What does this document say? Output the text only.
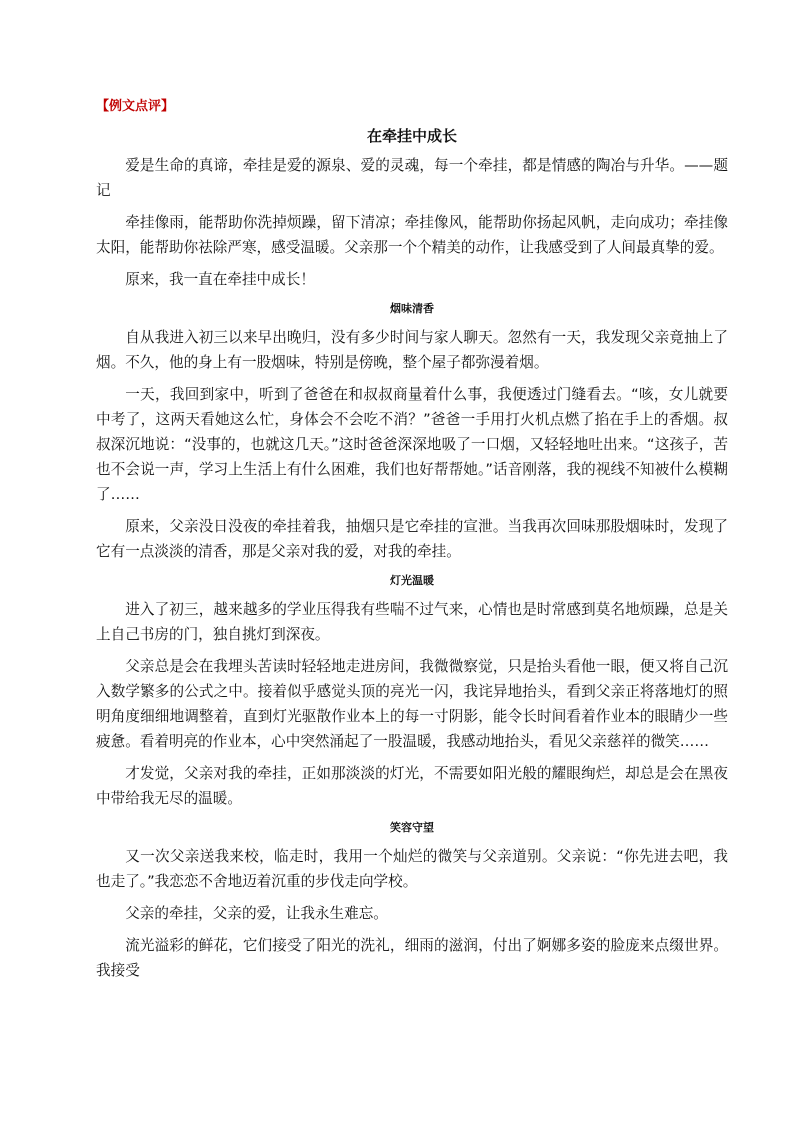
【例文点评】
在牵挂中成长

爱是生命的真谛，牵挂是爱的源泉、爱的灵魂，每一个牵挂，都是情感的陶冶与升华。——题记

牵挂像雨，能帮助你洗掉烦躁，留下清凉；牵挂像风，能帮助你扬起风帆，走向成功；牵挂像太阳，能帮助你祛除严寒，感受温暖。父亲那一个个精美的动作，让我感受到了人间最真挚的爱。

原来，我一直在牵挂中成长！

烟味清香

自从我进入初三以来早出晚归，没有多少时间与家人聊天。忽然有一天，我发现父亲竟抽上了烟。不久，他的身上有一股烟味，特别是傍晚，整个屋子都弥漫着烟。

一天，我回到家中，听到了爸爸在和叔叔商量着什么事，我便透过门缝看去。“咳，女儿就要中考了，这两天看她这么忙，身体会不会吃不消？”爸爸一手用打火机点燃了掐在手上的香烟。叔叔深沉地说：“没事的，也就这几天。”这时爸爸深深地吸了一口烟，又轻轻地吐出来。“这孩子，苦也不会说一声，学习上生活上有什么困难，我们也好帮帮她。”话音刚落，我的视线不知被什么模糊了……

原来，父亲没日没夜的牵挂着我，抽烟只是它牵挂的宣泄。当我再次回味那股烟味时，发现了它有一点淡淡的清香，那是父亲对我的爱，对我的牵挂。

灯光温暖

进入了初三，越来越多的学业压得我有些喘不过气来，心情也是时常感到莫名地烦躁，总是关上自己书房的门，独自挑灯到深夜。

父亲总是会在我埋头苦读时轻轻地走进房间，我微微察觉，只是抬头看他一眼，便又将自己沉入数学繁多的公式之中。接着似乎感觉头顶的亮光一闪，我诧异地抬头，看到父亲正将落地灯的照明角度细细地调整着，直到灯光驱散作业本上的每一寸阴影，能令长时间看着作业本的眼睛少一些疲惫。看着明亮的作业本，心中突然涌起了一股温暖，我感动地抬头，看见父亲慈祥的微笑……

才发觉，父亲对我的牵挂，正如那淡淡的灯光，不需要如阳光般的耀眼绚烂，却总是会在黑夜中带给我无尽的温暖。

笑容守望

又一次父亲送我来校，临走时，我用一个灿烂的微笑与父亲道别。父亲说：“你先进去吧，我也走了。”我恋恋不舍地迈着沉重的步伐走向学校。

父亲的牵挂，父亲的爱，让我永生难忘。

流光溢彩的鲜花，它们接受了阳光的洗礼，细雨的滋润，付出了婀娜多姿的脸庞来点缀世界。我接受
